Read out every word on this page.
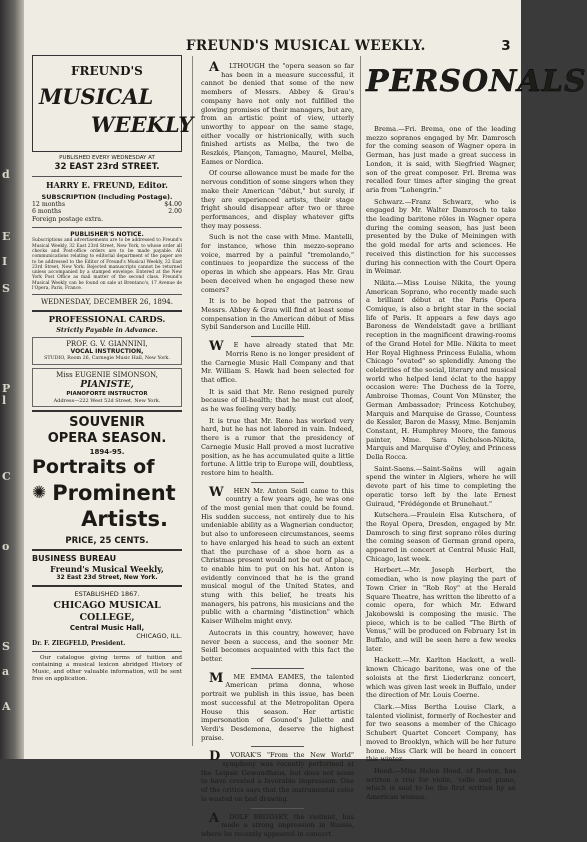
d
E
I
S
P
l
C
o
S
a
A
FREUND'S MUSICAL WEEKLY.	3
FREUND'S
MUSICAL
WEEKLY
PUBLISHED EVERY WEDNESDAY AT
32 EAST 23rd STREET.
HARRY E. FREUND, Editor.
SUBSCRIPTION (Including Postage).
12 months	$4.00
6 months	2.00
Foreign postage extra.
PUBLISHER'S NOTICE.
Subscriptions and advertisements are to be addressed to Freund's Musical Weekly, 32 East 23rd Street, New York, to whose order all checks and Post-office orders are to be made payable. All communications relating to editorial department of the paper are to be addressed to the Editor of Freund's Musical Weekly, 32 East 23rd Street, New York. Rejected manuscripts cannot be returned unless accompanied by a stamped envelope. Entered at the New York Post Office as mail matter of the second class. Freund's Musical Weekly can be found on sale at Brentano's, 17 Avenue de l'Opera, Paris, France.
WEDNESDAY, DECEMBER 26, 1894.
PROFESSIONAL CARDS.
Strictly Payable in Advance.
PROF. G. V. GIANNINI,
VOCAL INSTRUCTION,
STUDIO, Room 26, Carnegie Music Hall, New York.
Miss EUGENIE SIMONSON,
PIANISTE,
PIANOFORTE INSTRUCTOR
Address—222 West 52d Street, New York.
SOUVENIR
OPERA SEASON.
1894-95.
Portraits of
✺ Prominent
Artists.
PRICE, 25 CENTS.
BUSINESS BUREAU
Freund's Musical Weekly,
32 East 23d Street, New York.
ESTABLISHED 1867.
CHICAGO MUSICAL COLLEGE,
Central Music Hall,
CHICAGO, ILL.
Dr. F. ZIEGFELD, President.
Our catalogue giving terms of tuition and containing a musical lexicon abridged History of Music, and other valuable information, will be sent free on application.

A LTHOUGH the "opera season so far has been in a measure successful, it cannot be denied that some of the new members of Messrs. Abbey & Grau's company have not only not fulfilled the glowing promises of their managers, but are, from an artistic point of view, utterly unworthy to appear on the same stage, either vocally or histrionically, with such finished artists as Melba, the two de Reszkés, Plançon, Tamagno, Maurel, Melba, Eames or Nordica.

Of course allowance must be made for the nervous condition of some singers when they make their American "début," but surely, if they are experienced artists, their stage fright should disappear after two or three performances, and display whatever gifts they may possess.

Such is not the case with Mme. Mantelli, for instance, whose thin mezzo-soprano voice, marred by a painful "tremolando," continues to jeopardize the success of the operas in which she appears. Has Mr. Grau been deceived when he engaged these new comers?

It is to be hoped that the patrons of Messrs. Abbey & Grau will find at least some compensation in the American début of Miss Sybil Sanderson and Lucille Hill.

W E have already stated that Mr. Morris Reno is no longer president of the Carnegie Music Hall Company and that Mr. William S. Hawk had been selected for that office.

It is said that Mr. Reno resigned purely because of ill-health; that he must cut aloof, as he was feeling very badly.

It is true that Mr. Reno has worked very hard, but he has not labored in vain. Indeed, there is a rumor that the presidency of Carnegie Music Hall proved a most lucrative position, as he has accumulated quite a little fortune. A little trip to Europe will, doubtless, restore him to health.

W HEN Mr. Anton Seidl came to this country a few years ago, he was one of the most genial men that could be found. His sudden success, not entirely due to his undeniable ability as a Wagnerian conductor, but also to unforeseen circumstances, seems to have enlarged his head to such an extent that the purchase of a shoe horn as a Christmas present would not be out of place, to enable him to put on his hat. Anton is evidently convinced that he is the grand musical mogul of the United States, and stung with this belief, he treats his managers, his patrons, his musicians and the public with a charming "distinction" which Kaiser Wilhelm might envy.

Autocrats in this country, however, have never been a success, and the sooner Mr. Seidl becomes acquainted with this fact the better.

M ME EMMA EAMES, the talented American prima donna, whose portrait we publish in this issue, has been most successful at the Metropolitan Opera House this season. Her artistic impersonation of Gounod's Juliette and Verdi's Desdemona, deserve the highest praise.

D VORAK'S "From the New World" symphony was recently performed at the Leipsic Gewandhaus, but does not seem to have created a favorable impression. One of the critics says that the instrumental color is wasted on bad drawing.

A DOLF BRODSKY, the violinist, has made a strong impression in Russia, where he recently appeared in concert.

PERSONALS

Brema.—Fri. Brema, one of the leading mezzo sopranos engaged by Mr. Damrosch for the coming season of Wagner opera in German, has just made a great success in London, it is said, with Siegfried Wagner, son of the great composer. Frl. Brema was recalled four times after singing the great aria from "Lohengrin."

Schwarz.—Franz Schwarz, who is engaged by Mr. Walter Damrosch to take the leading baritone rôles in Wagner opera during the coming season, has just been presented by the Duke of Meiningen with the gold medal for arts and sciences. He received this distinction for his successes during his connection with the Court Opera in Weimar.

Nikita.—Miss Louise Nikita, the young American Soprano, who recently made such a brilliant début at the Paris Opera Comique, is also a bright star in the social life of Paris. It appears a few days ago Baroness de Wendelstadt gave a brilliant reception in the magnificent drawing-rooms of the Grand Hotel for Mlle. Nikita to meet Her Royal Highness Princess Eulalia, whom Chicago "ovated" so splendidly. Among the celebrities of the social, literary and musical world who helped lend éclat to the happy occasion were: The Duchess de la Torre, Ambroise Thomas, Count Von Münster, the German Ambassador; Princess Kotchubey, Marquis and Marquise de Grasse, Countess de Kessler, Baron de Massy, Mme. Benjamin Constant, H. Humphrey Moore, the famous painter, Mme. Sara Nicholson-Nikita, Marquis and Marquise d'Oyley, and Princess Della Rocca.

Saint-Saens.—Saint-Saëns will again spend the winter in Algiers, where he will devote part of his time to completing the operatic torso left by the late Ernest Guiraud, "Frédégonde et Brunehaut."

Kutschera.—Fraulein Elsa Kutschera, of the Royal Opera, Dresden, engaged by Mr. Damrosch to sing first soprano rôles during the coming season of German grand opera, appeared in concert at Central Music Hall, Chicago, last week.

Herbert.—Mr. Joseph Herbert, the comedian, who is now playing the part of Town Crier in "Rob Roy" at the Herald Square Theatre, has written the libretto of a comic opera, for which Mr. Edward Jakobowski is composing the music. The piece, which is to be called "The Birth of Venus," will be produced on February 1st in Buffalo, and will be seen here a few weeks later.

Hackett.—Mr. Karlton Hackett, a well-known Chicago baritone, was one of the soloists at the first Liederkranz concert, which was given last week in Buffalo, under the direction of Mr. Louis Coerne.

Clark.—Miss Bertha Louise Clark, a talented violinist, formerly of Rochester and for two seasons a member of the Chicago Schubert Quartet Concert Company, has moved to Brooklyn, which will be her future home. Miss Clark will be heard in concert this winter.

Hood.—Miss Helen Hood, of Boston, has written a trio for violin, 'cello and piano, which is said to be the first written by an American woman.
